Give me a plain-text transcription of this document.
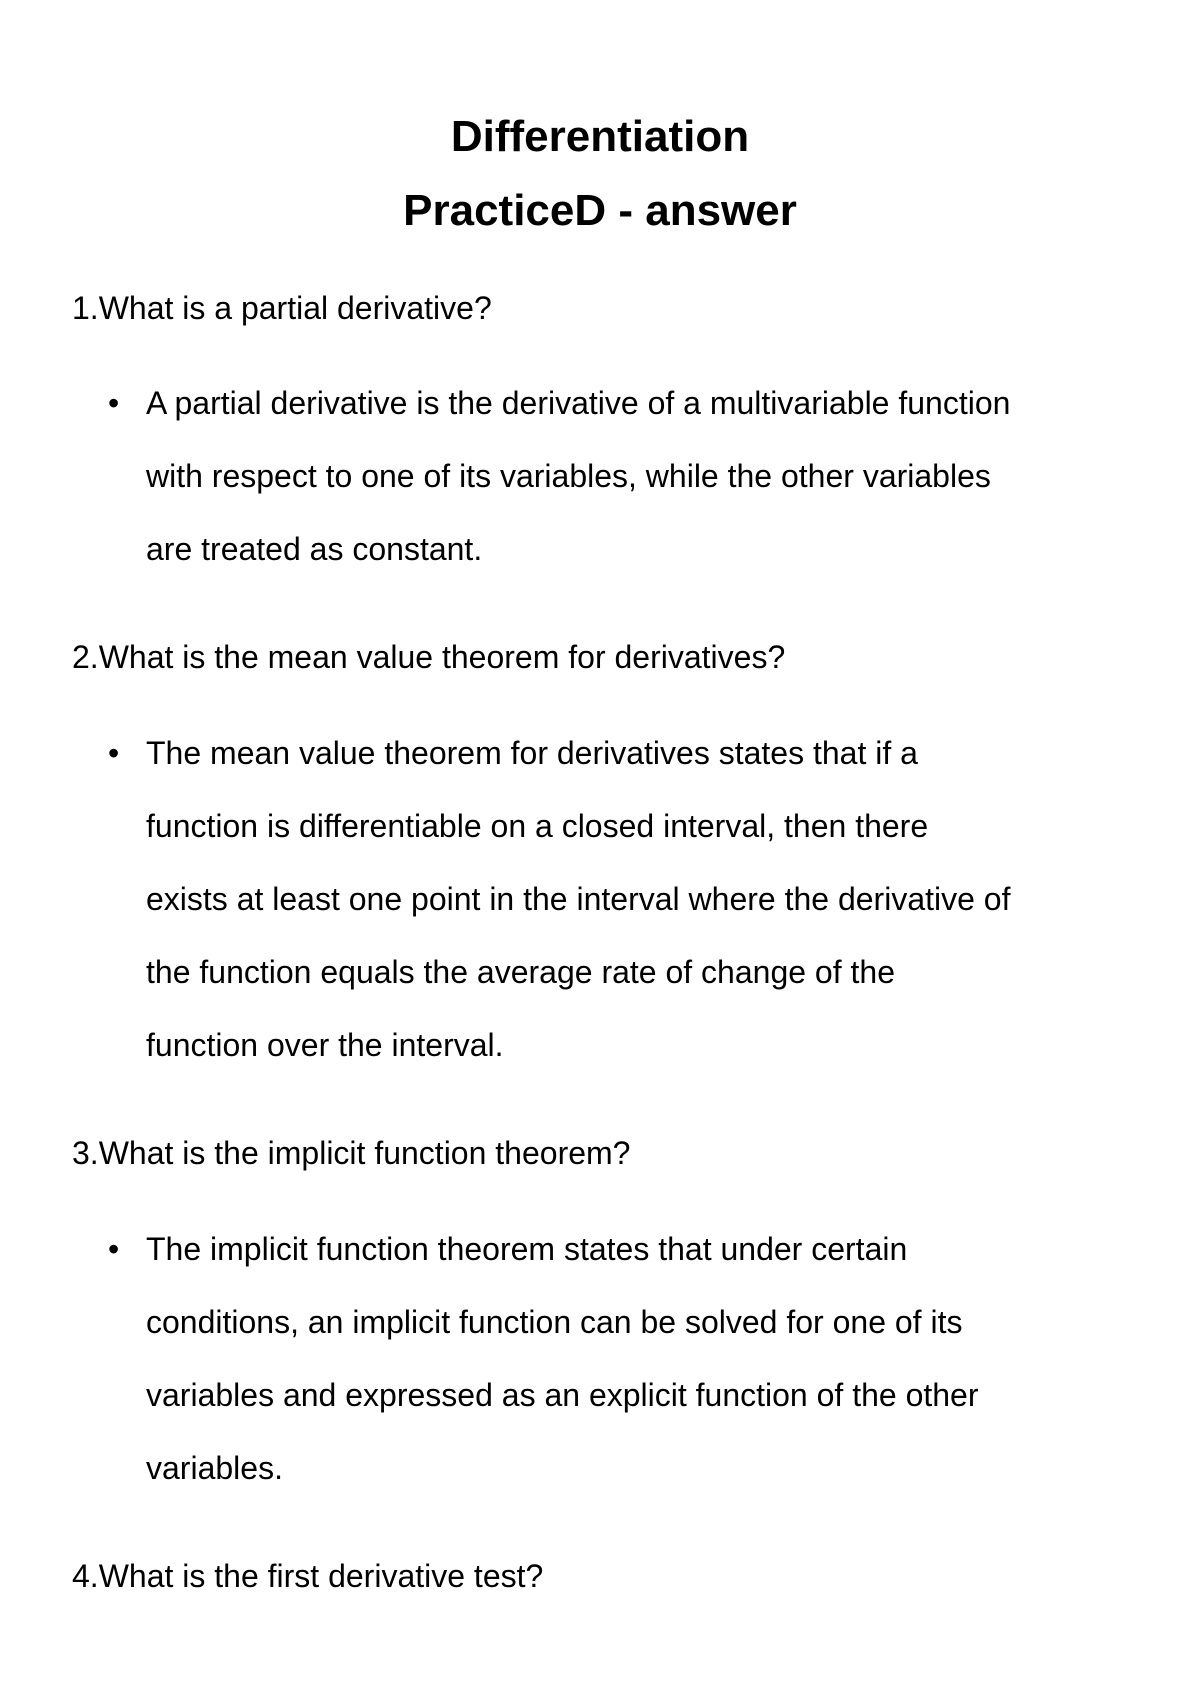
Differentiation

PracticeD - answer

1.What is a partial derivative?

• A partial derivative is the derivative of a multivariable function
with respect to one of its variables, while the other variables
are treated as constant.

2.What is the mean value theorem for derivatives?

• The mean value theorem for derivatives states that if a
function is differentiable on a closed interval, then there
exists at least one point in the interval where the derivative of
the function equals the average rate of change of the
function over the interval.

3.What is the implicit function theorem?

• The implicit function theorem states that under certain
conditions, an implicit function can be solved for one of its
variables and expressed as an explicit function of the other
variables.

4.What is the first derivative test?
